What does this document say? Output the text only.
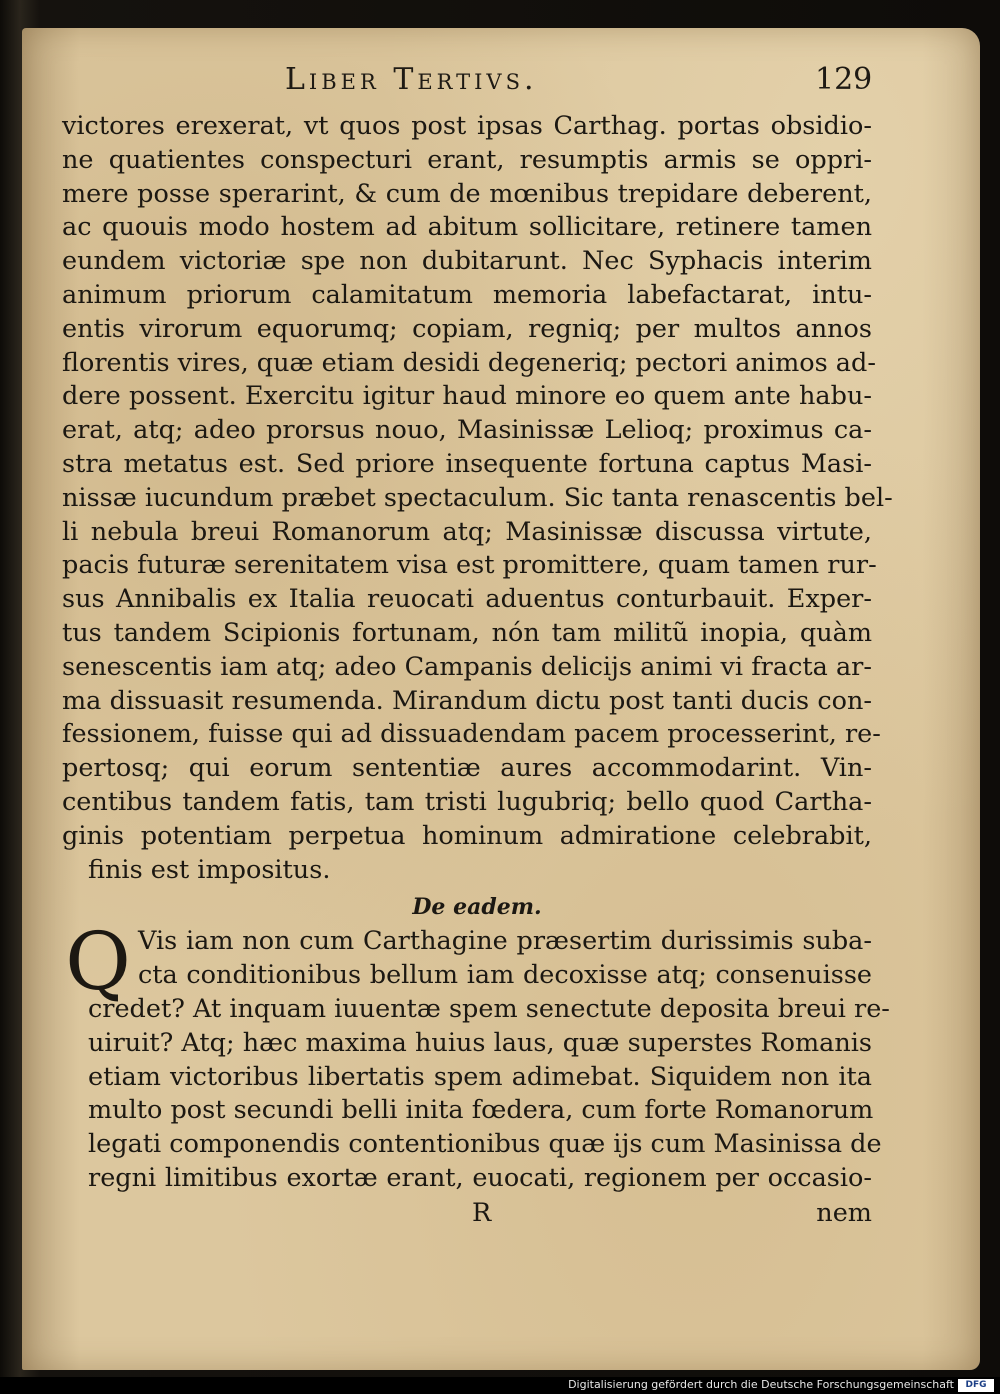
Liber Tertivs.	129
victores erexerat, vt quos post ipsas Carthag. portas obsidio-
ne quatientes conspecturi erant, resumptis armis se oppri-
mere posse sperarint, & cum de mœnibus trepidare deberent,
ac quouis modo hostem ad abitum sollicitare, retinere tamen
eundem victoriæ spe non dubitarunt. Nec Syphacis interim
animum priorum calamitatum memoria labefactarat, intu-
entis virorum equorumq; copiam, regniq; per multos annos
florentis vires, quæ etiam desidi degeneriq; pectori animos ad-
dere possent. Exercitu igitur haud minore eo quem ante habu-
erat, atq; adeo prorsus nouo, Masinissæ Lelioq; proximus ca-
stra metatus est. Sed priore insequente fortuna captus Masi-
nissæ iucundum præbet spectaculum. Sic tanta renascentis bel-
li nebula breui Romanorum atq; Masinissæ discussa virtute,
pacis futuræ serenitatem visa est promittere, quam tamen rur-
sus Annibalis ex Italia reuocati aduentus conturbauit. Exper-
tus tandem Scipionis fortunam, nón tam militũ inopia, quàm
senescentis iam atq; adeo Campanis delicijs animi vi fracta ar-
ma dissuasit resumenda. Mirandum dictu post tanti ducis con-
fessionem, fuisse qui ad dissuadendam pacem processerint, re-
pertosq; qui eorum sententiæ aures accommodarint. Vin-
centibus tandem fatis, tam tristi lugubriq; bello quod Cartha-
ginis potentiam perpetua hominum admiratione celebrabit,
finis est impositus.
De eadem.
Q Vis iam non cum Carthagine præsertim durissimis suba-
cta conditionibus bellum iam decoxisse atq; consenuisse
credet? At inquam iuuentæ spem senectute deposita breui re-
uiruit? Atq; hæc maxima huius laus, quæ superstes Romanis
etiam victoribus libertatis spem adimebat. Siquidem non ita
multo post secundi belli inita fœdera, cum forte Romanorum
legati componendis contentionibus quæ ijs cum Masinissa de
regni limitibus exortæ erant, euocati, regionem per occasio-
R	nem
Digitalisierung gefördert durch die Deutsche Forschungsgemeinschaft	DFG
